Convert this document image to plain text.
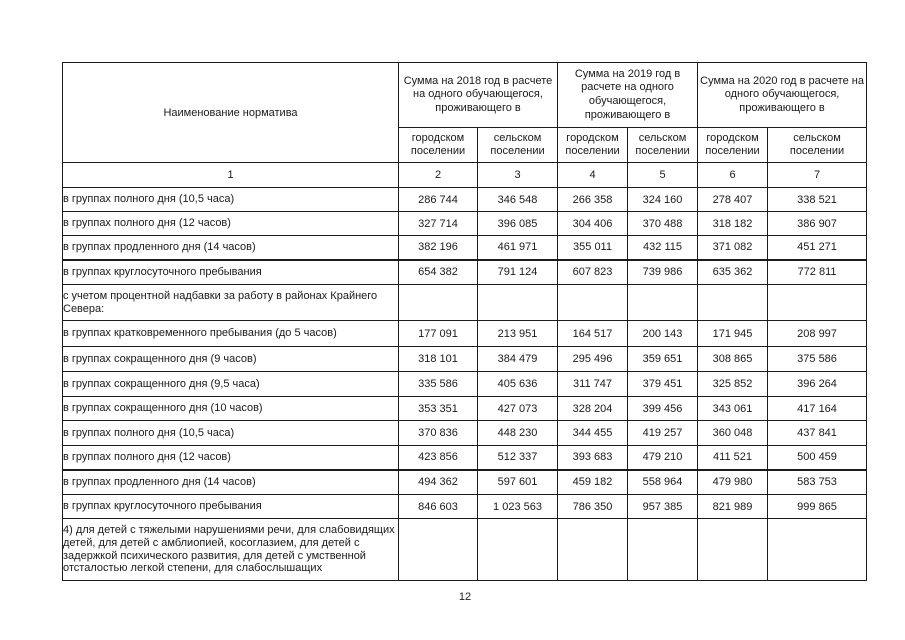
Наименование норматива	Сумма на 2018 год в расчете на одного обучающегося, проживающего в		Сумма на 2019 год в расчете на одного обучающегося, проживающего в		Сумма на 2020 год в расчете на одного обучающегося, проживающего в	
	городском поселении	сельском поселении	городском поселении	сельском поселении	городском поселении	сельском поселении
1	2	3	4	5	6	7
в группах полного дня (10,5 часа)	286 744	346 548	266 358	324 160	278 407	338 521
в группах полного дня (12 часов)	327 714	396 085	304 406	370 488	318 182	386 907
в группах продленного дня (14 часов)	382 196	461 971	355 011	432 115	371 082	451 271
в группах круглосуточного пребывания	654 382	791 124	607 823	739 986	635 362	772 811
с учетом процентной надбавки за работу в районах Крайнего Севера:						
в группах кратковременного пребывания (до 5 часов)	177 091	213 951	164 517	200 143	171 945	208 997
в группах сокращенного дня (9 часов)	318 101	384 479	295 496	359 651	308 865	375 586
в группах сокращенного дня (9,5 часа)	335 586	405 636	311 747	379 451	325 852	396 264
в группах сокращенного дня (10 часов)	353 351	427 073	328 204	399 456	343 061	417 164
в группах полного дня (10,5 часа)	370 836	448 230	344 455	419 257	360 048	437 841
в группах полного дня (12 часов)	423 856	512 337	393 683	479 210	411 521	500 459
в группах продленного дня (14 часов)	494 362	597 601	459 182	558 964	479 980	583 753
в группах круглосуточного пребывания	846 603	1 023 563	786 350	957 385	821 989	999 865
4) для детей с тяжелыми нарушениями речи, для слабовидящих детей, для детей с амблиопией, косоглазием, для детей с задержкой психического развития, для детей с умственной отсталостью легкой степени, для слабослышащих						
12
